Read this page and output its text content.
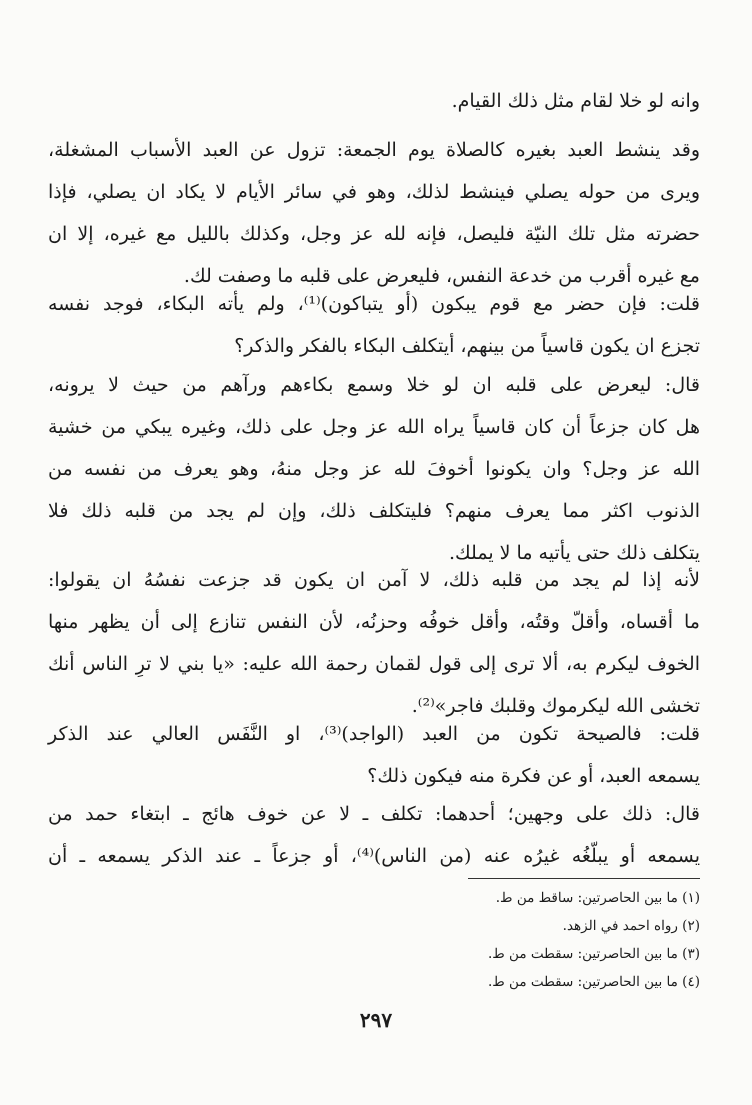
وانه لو خلا لقام مثل ذلك القيام.
وقد ينشط العبد بغيره كالصلاة يوم الجمعة: تزول عن العبد الأسباب المشغلة،
ويرى من حوله يصلي فينشط لذلك، وهو في سائر الأيام لا يكاد ان يصلي، فإذا
حضرته مثل تلك النيّة فليصل، فإنه لله عز وجل، وكذلك بالليل مع غيره، إلا ان
مع غيره أقرب من خدعة النفس، فليعرض على قلبه ما وصفت لك.
قلت: فإن حضر مع قوم يبكون (أو يتباكون)⁽¹⁾، ولم يأته البكاء، فوجد نفسه
تجزع ان يكون قاسياً من بينهم، أيتكلف البكاء بالفكر والذكر؟
قال: ليعرض على قلبه ان لو خلا وسمع بكاءهم ورآهم من حيث لا يرونه،
هل كان جزعاً أن كان قاسياً يراه الله عز وجل على ذلك، وغيره يبكي من خشية
الله عز وجل؟ وان يكونوا أخوفَ لله عز وجل منهُ، وهو يعرف من نفسه من
الذنوب اكثر مما يعرف منهم؟ فليتكلف ذلك، وإن لم يجد من قلبه ذلك فلا
يتكلف ذلك حتى يأتيه ما لا يملك.
لأنه إذا لم يجد من قلبه ذلك، لا آمن ان يكون قد جزعت نفسُهُ ان يقولوا:
ما أقساه، وأقلّ وقتُه، وأقل خوفُه وحزنُه، لأن النفس تنازع إلى أن يظهر منها
الخوف ليكرم به، ألا ترى إلى قول لقمان رحمة الله عليه: «يا بني لا ترِ الناس أنك
تخشى الله ليكرموك وقلبك فاجر»⁽²⁾.
قلت: فالصيحة تكون من العبد (الواجد)⁽³⁾، او النَّفَس العالي عند الذكر
يسمعه العبد، أو عن فكرة منه فيكون ذلك؟
قال: ذلك على وجهين؛ أحدهما: تكلف ـ لا عن خوف هائج ـ ابتغاء حمد من
يسمعه أو يبلّغُه غيرُه عنه (من الناس)⁽⁴⁾، أو جزعاً ـ عند الذكر يسمعه ـ أن
(١) ما بين الحاصرتين: ساقط من ط.
(٢) رواه احمد في الزهد.
(٣) ما بين الحاصرتين: سقطت من ط.
(٤) ما بين الحاصرتين: سقطت من ط.
٢٩٧
